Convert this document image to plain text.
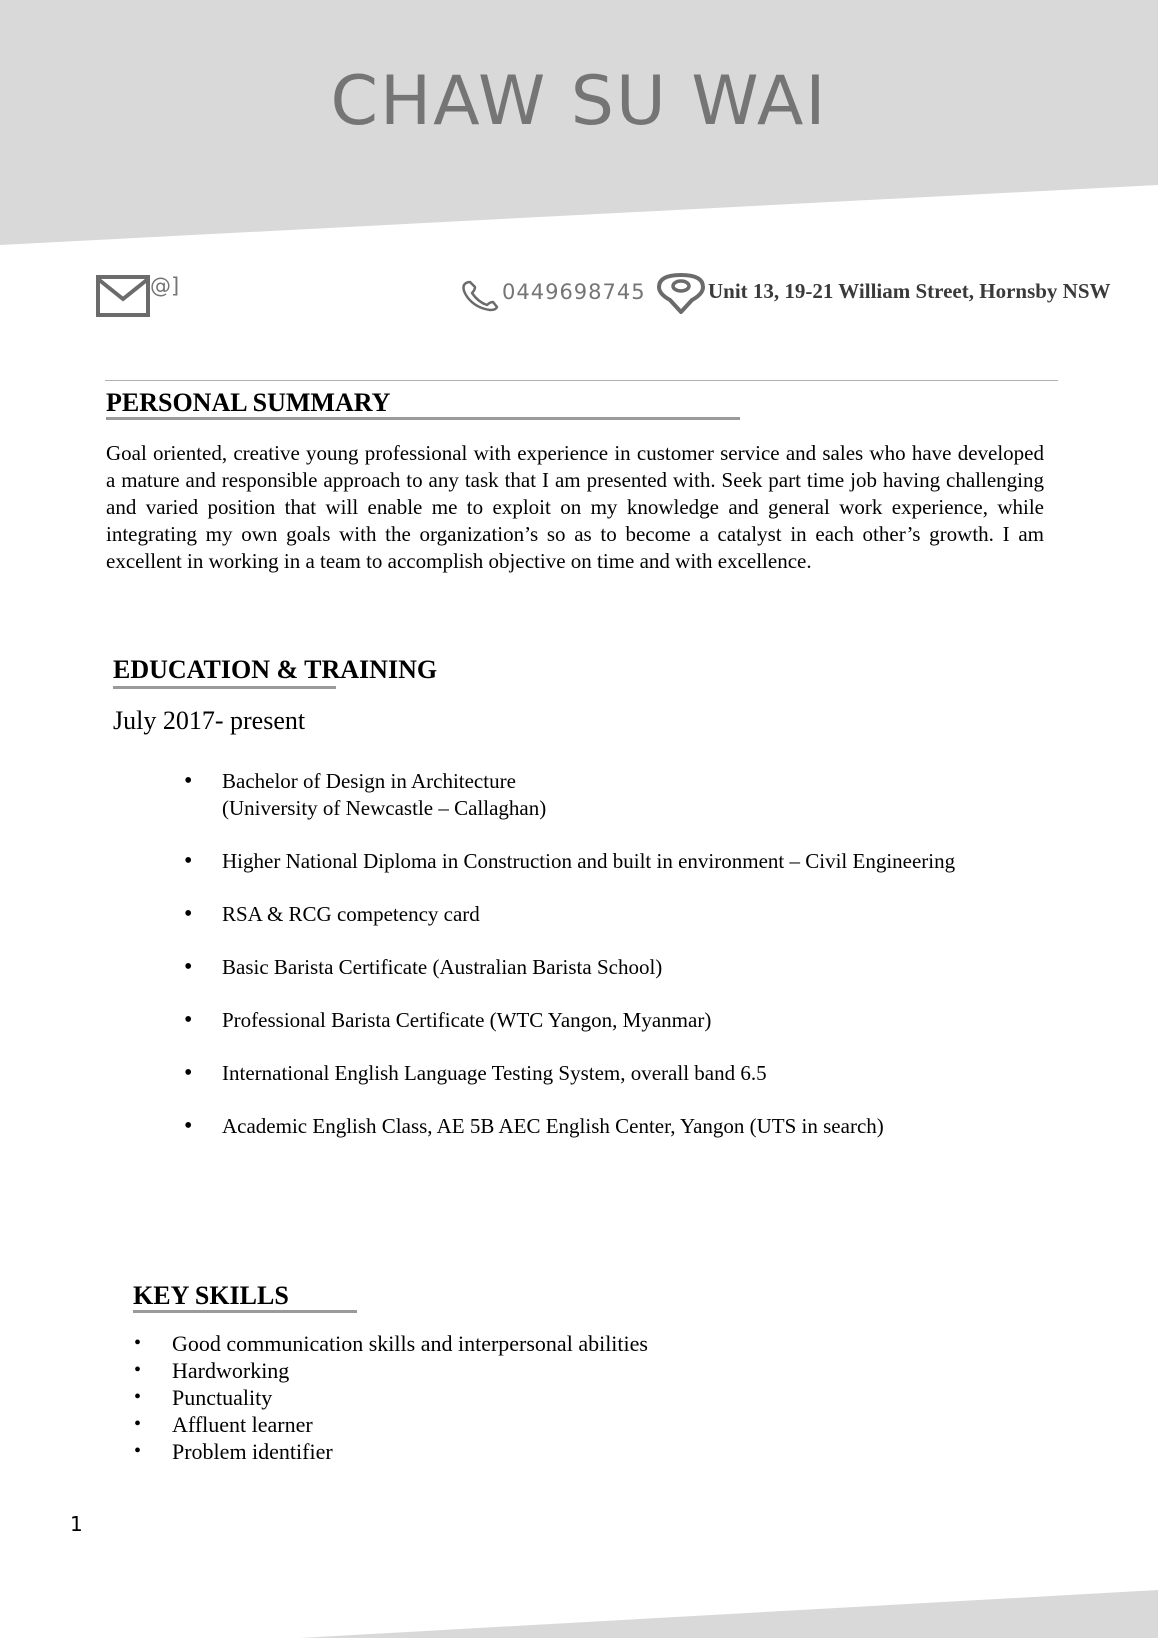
CHAW SU WAI
@]	0449698745	Unit 13, 19-21 William Street, Hornsby NSW
PERSONAL SUMMARY

Goal oriented, creative young professional with experience in customer service and sales who have developed a mature and responsible approach to any task that I am presented with. Seek part time job having challenging and varied position that will enable me to exploit on my knowledge and general work experience, while integrating my own goals with the organization’s so as to become a catalyst in each other’s growth. I am excellent in working in a team to accomplish objective on time and with excellence.

EDUCATION & TRAINING

July 2017- present

• Bachelor of Design in Architecture
(University of Newcastle – Callaghan)
• Higher National Diploma in Construction and built in environment – Civil Engineering
• RSA & RCG competency card
• Basic Barista Certificate (Australian Barista School)
• Professional Barista Certificate (WTC Yangon, Myanmar)
• International English Language Testing System, overall band 6.5
• Academic English Class, AE 5B AEC English Center, Yangon (UTS in search)
KEY SKILLS
• Good communication skills and interpersonal abilities
• Hardworking
• Punctuality
• Affluent learner
• Problem identifier
1
